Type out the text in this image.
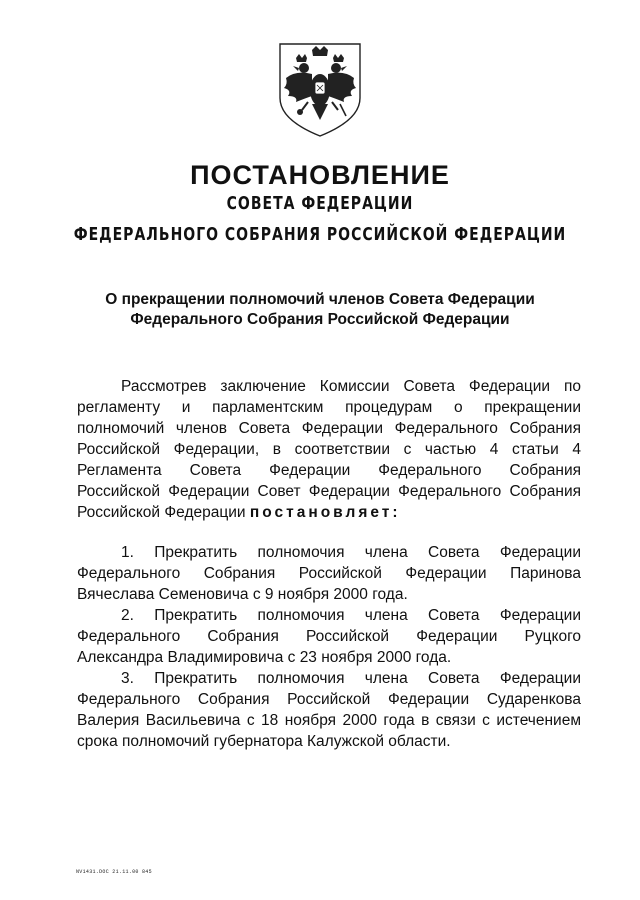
ПОСТАНОВЛЕНИЕ
СОВЕТА ФЕДЕРАЦИИ
ФЕДЕРАЛЬНОГО СОБРАНИЯ РОССИЙСКОЙ ФЕДЕРАЦИИ
О прекращении полномочий членов Совета Федерации
Федерального Собрания Российской Федерации
Рассмотрев заключение Комиссии Совета Федерации по
регламенту и парламентским процедурам о прекращении
полномочий членов Совета Федерации Федерального Собрания
Российской Федерации, в соответствии с частью 4 статьи 4
Регламента Совета Федерации Федерального Собрания
Российской Федерации Совет Федерации Федерального Собрания
Российской Федерации постановляет:
1. Прекратить полномочия члена Совета Федерации
Федерального Собрания Российской Федерации Паринова
Вячеслава Семеновича с 9 ноября 2000 года.
2. Прекратить полномочия члена Совета Федерации
Федерального Собрания Российской Федерации Руцкого
Александра Владимировича с 23 ноября 2000 года.
3. Прекратить полномочия члена Совета Федерации
Федерального Собрания Российской Федерации Сударенкова
Валерия Васильевича с 18 ноября 2000 года в связи с истечением
срока полномочий губернатора Калужской области.
NV1431.DOC 21.11.00 845
